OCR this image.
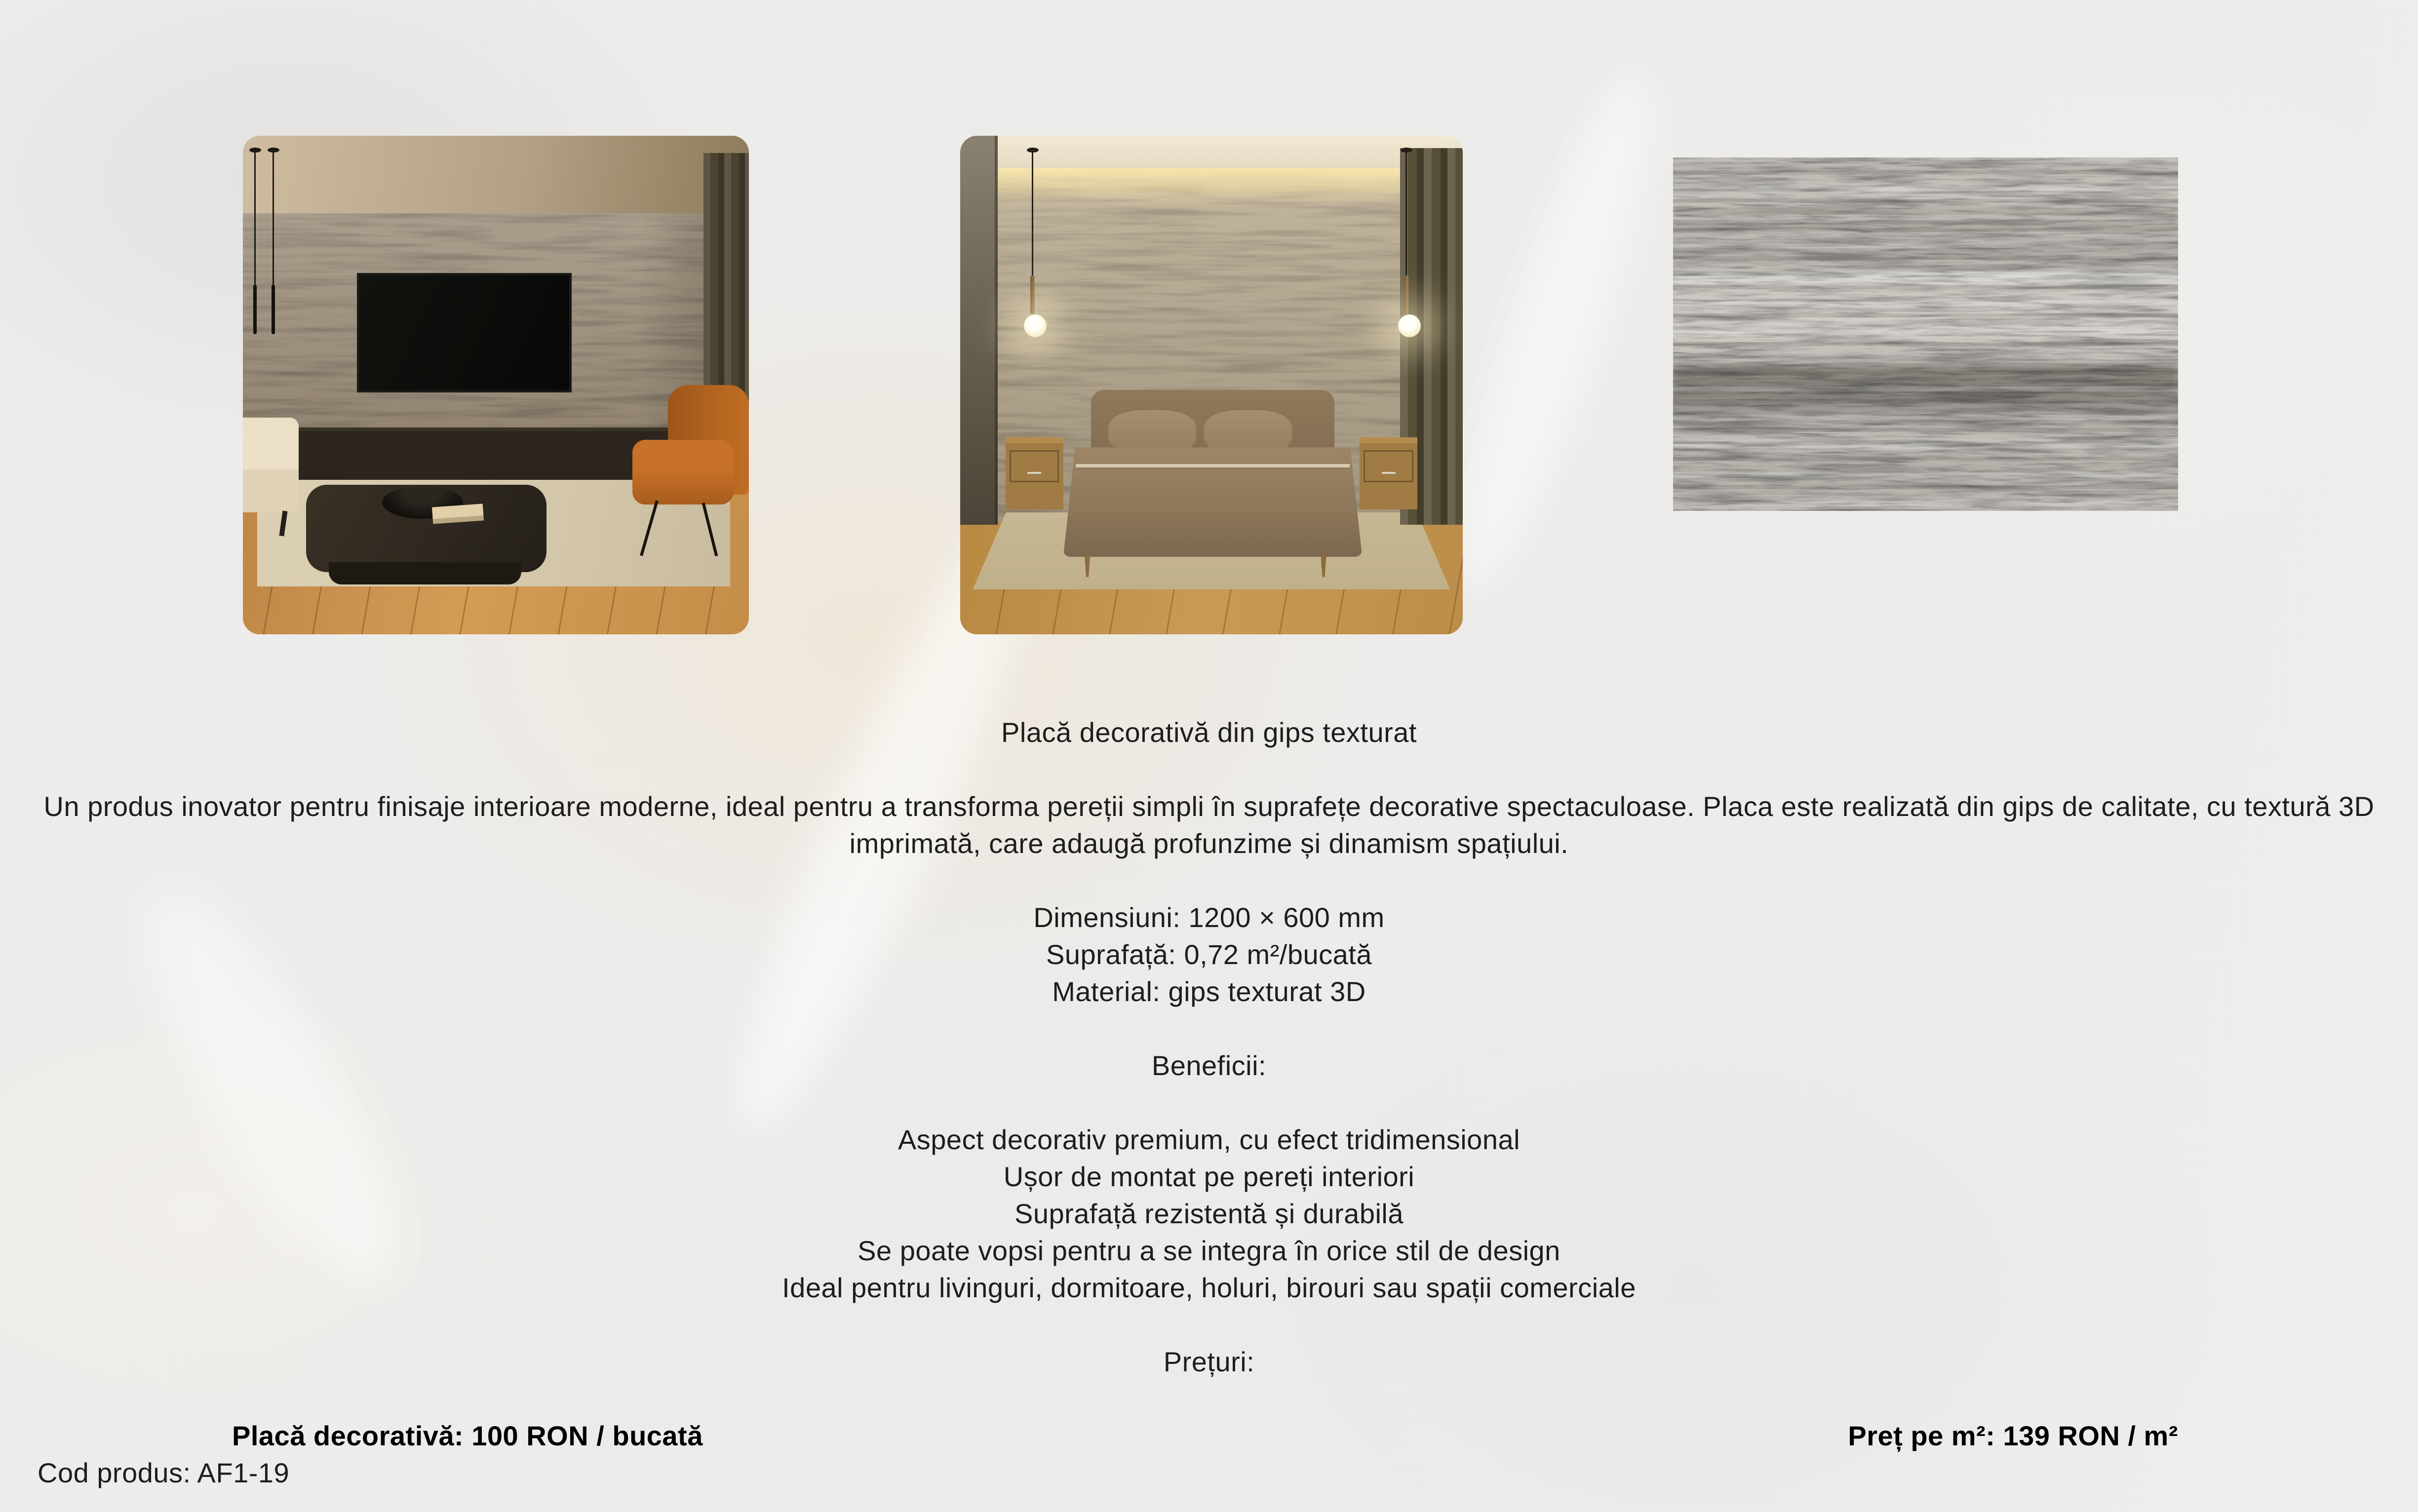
Placă decorativă din gips texturat
Un produs inovator pentru finisaje interioare moderne, ideal pentru a transforma pereții simpli în suprafețe decorative spectaculoase. Placa este realizată din gips de calitate, cu textură 3D imprimată, care adaugă profunzime și dinamism spațiului.
Dimensiuni: 1200 × 600 mm
Suprafață: 0,72 m²/bucată
Material: gips texturat 3D
Beneficii:
Aspect decorativ premium, cu efect tridimensional
Ușor de montat pe pereți interiori
Suprafață rezistentă și durabilă
Se poate vopsi pentru a se integra în orice stil de design
Ideal pentru livinguri, dormitoare, holuri, birouri sau spații comerciale
Prețuri:
Placă decorativă: 100 RON / bucată	Preț pe m²: 139 RON / m²
Cod produs: AF1-19
